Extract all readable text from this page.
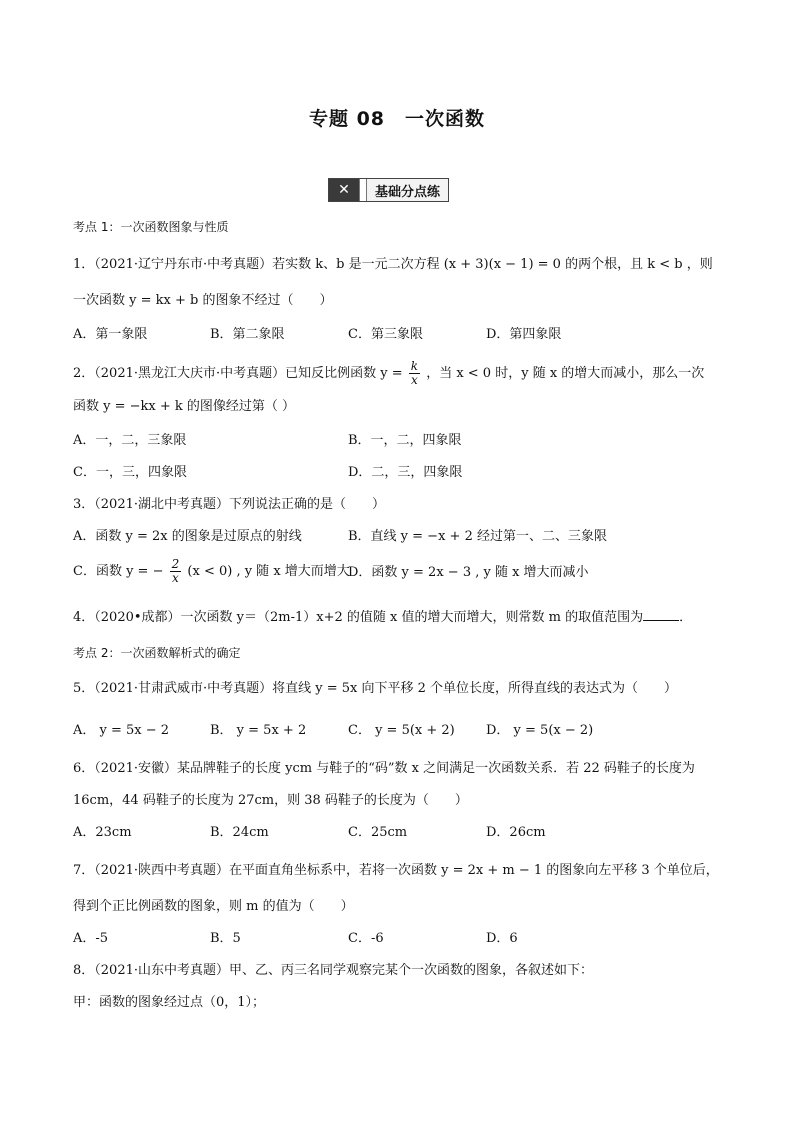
专题 08　一次函数
✕	基础分点练
考点 1：一次函数图象与性质
1．（2021·辽宁丹东市·中考真题）若实数 k、b 是一元二次方程 (x + 3)(x − 1) = 0 的两个根，且 k < b ，则
一次函数 y = kx + b 的图象不经过（　　）
A．第一象限	B．第二象限	C．第三象限	D．第四象限
2．（2021·黑龙江大庆市·中考真题）已知反比例函数 $y = \frac{k}{x}$ ，当 x < 0 时，y 随 x 的增大而减小，那么一次
函数 y = −kx + k 的图像经过第（ ）
A．一，二，三象限	B．一，二，四象限
C．一，三，四象限	D．二，三，四象限
3．（2021·湖北中考真题）下列说法正确的是（　　）
A．函数 y = 2x 的图象是过原点的射线	B．直线 y = −x + 2 经过第一、二、三象限
C．函数 y = − $\frac{2}{x} (x < 0)$ , y 随 x 增大而增大
D．函数 y = 2x − 3 , y 随 x 增大而减小
4．（2020•成都）一次函数 y＝（2m-1）x+2 的值随 x 值的增大而增大，则常数 m 的取值范围为	．
考点 2：一次函数解析式的确定
5．（2021·甘肃武威市·中考真题）将直线 y = 5x 向下平移 2 个单位长度，所得直线的表达式为（　　）
A． y = 5x − 2	B． y = 5x + 2	C． y = 5(x + 2) D． y = 5(x − 2)
6．（2021·安徽）某品牌鞋子的长度 ycm 与鞋子的“码”数 x 之间满足一次函数关系．若 22 码鞋子的长度为
16cm，44 码鞋子的长度为 27cm，则 38 码鞋子的长度为（　　）
A．23cm	B．24cm	C．25cm	D．26cm
7．（2021·陕西中考真题）在平面直角坐标系中，若将一次函数 y = 2x + m − 1 的图象向左平移 3 个单位后，
得到个正比例函数的图象，则 m 的值为（　　）
A．-5	B．5	C．-6	D．6
8．（2021·山东中考真题）甲、乙、丙三名同学观察完某个一次函数的图象，各叙述如下：
甲：函数的图象经过点（0，1）；
